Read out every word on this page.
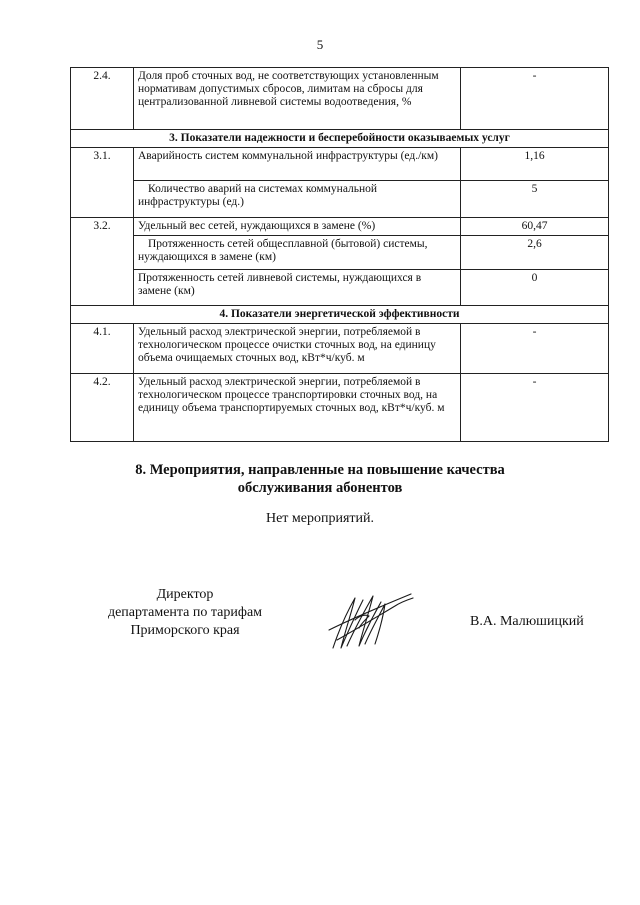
5
2.4.	Доля проб сточных вод, не соответствующих установленным нормативам допустимых сбросов, лимитам на сбросы для централизованной ливневой системы водоотведения, %	-
3. Показатели надежности и бесперебойности оказываемых услуг		
3.1.	Аварийность систем коммунальной инфраструктуры (ед./км)	1,16
	Количество аварий на системах коммунальной инфраструктуры (ед.)	5
3.2.	Удельный вес сетей, нуждающихся в замене (%)	60,47
	Протяженность сетей общесплавной (бытовой) системы, нуждающихся в замене (км)	2,6
	Протяженность сетей ливневой системы, нуждающихся в замене (км)	0
4. Показатели энергетической эффективности		
4.1.	Удельный расход электрической энергии, потребляемой в технологическом процессе очистки сточных вод, на единицу объема очищаемых сточных вод, кВт*ч/куб. м	-
4.2.	Удельный расход электрической энергии, потребляемой в технологическом процессе транспортировки сточных вод, на единицу объема транспортируемых сточных вод, кВт*ч/куб. м	-
8. Мероприятия, направленные на повышение качества
обслуживания абонентов
Нет мероприятий.
Директор
департамента по тарифам
Приморского края
В.А. Малюшицкий
